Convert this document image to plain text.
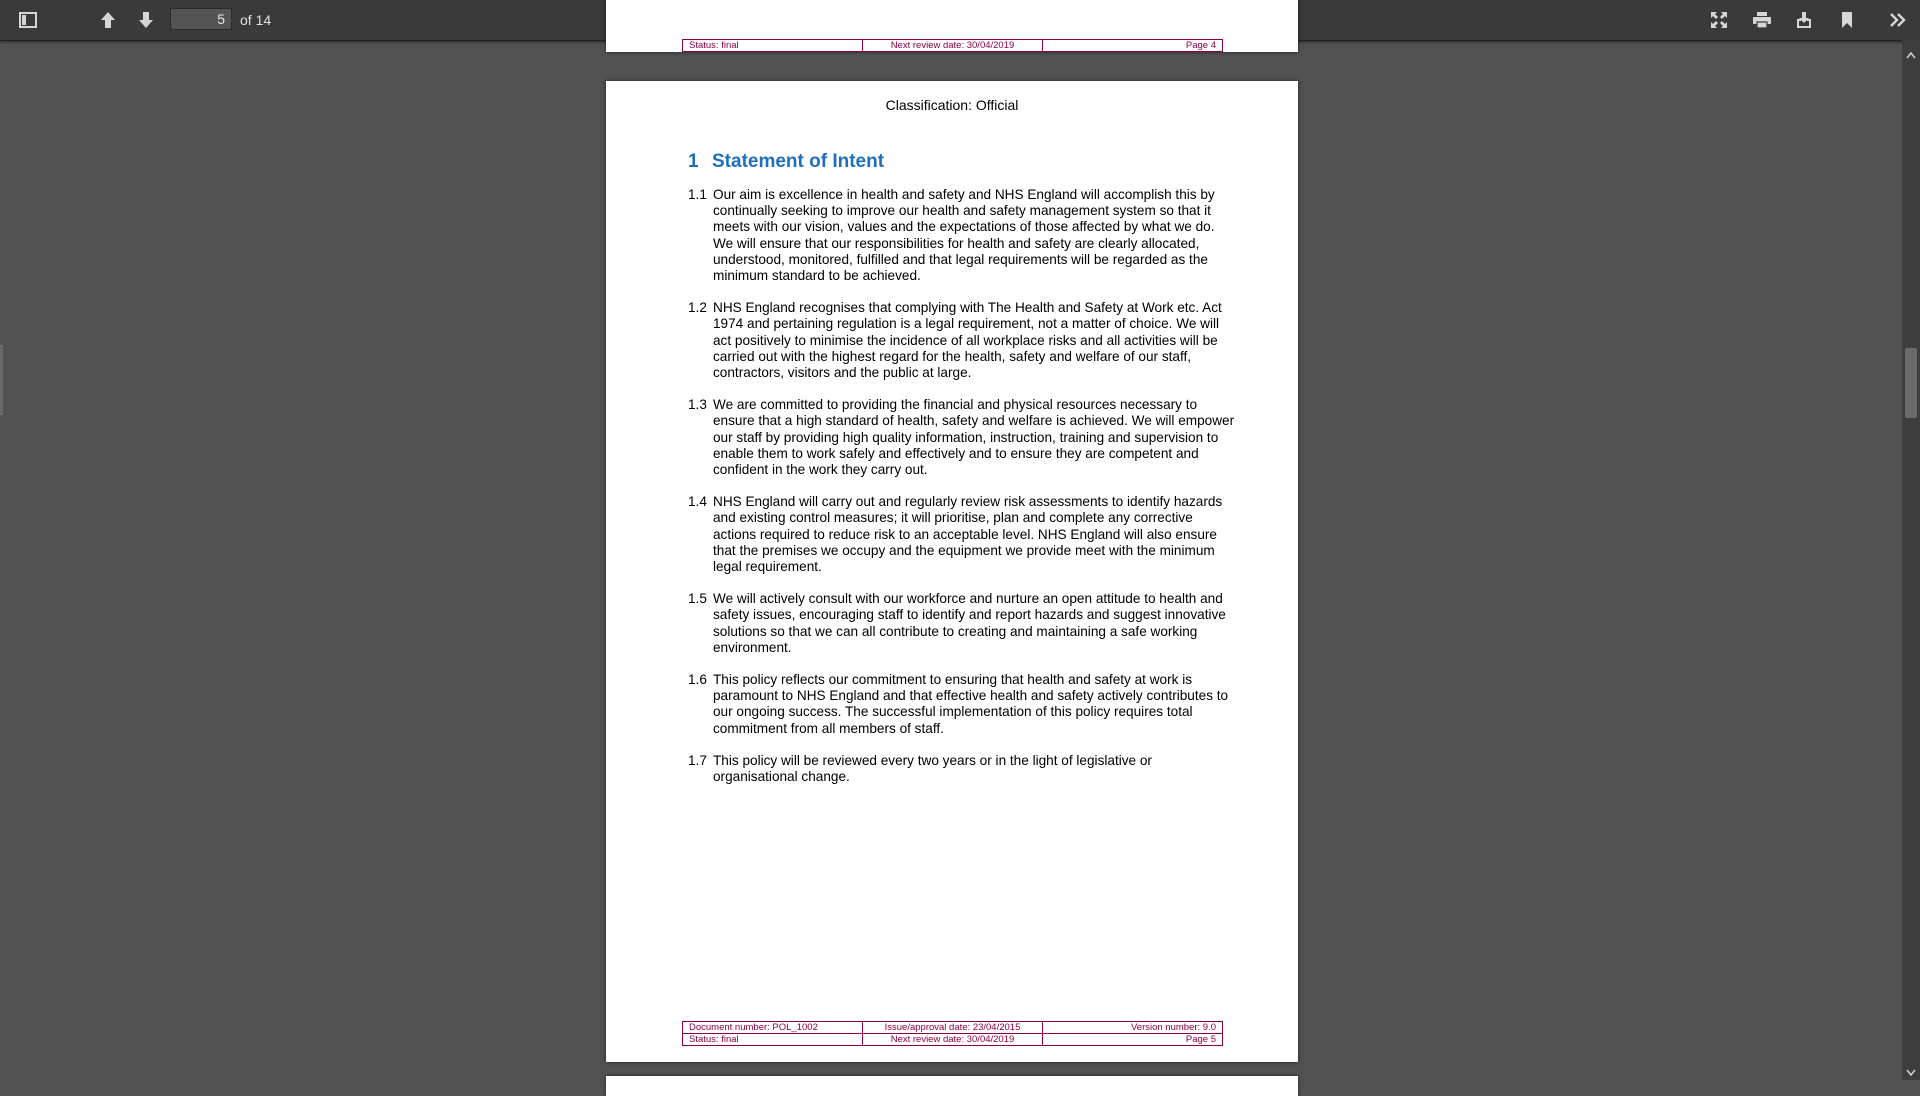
5	of 14
Status: final	Next review date: 30/04/2019	Page 4
Classification: Official
1 Statement of Intent
1.1 Our aim is excellence in health and safety and NHS England will accomplish this by continually seeking to improve our health and safety management system so that it meets with our vision, values and the expectations of those affected by what we do. We will ensure that our responsibilities for health and safety are clearly allocated, understood, monitored, fulfilled and that legal requirements will be regarded as the minimum standard to be achieved.
1.2 NHS England recognises that complying with The Health and Safety at Work etc. Act 1974 and pertaining regulation is a legal requirement, not a matter of choice. We will act positively to minimise the incidence of all workplace risks and all activities will be carried out with the highest regard for the health, safety and welfare of our staff, contractors, visitors and the public at large.
1.3 We are committed to providing the financial and physical resources necessary to ensure that a high standard of health, safety and welfare is achieved. We will empower our staff by providing high quality information, instruction, training and supervision to enable them to work safely and effectively and to ensure they are competent and confident in the work they carry out.
1.4 NHS England will carry out and regularly review risk assessments to identify hazards and existing control measures; it will prioritise, plan and complete any corrective actions required to reduce risk to an acceptable level. NHS England will also ensure that the premises we occupy and the equipment we provide meet with the minimum legal requirement.
1.5 We will actively consult with our workforce and nurture an open attitude to health and safety issues, encouraging staff to identify and report hazards and suggest innovative solutions so that we can all contribute to creating and maintaining a safe working environment.
1.6 This policy reflects our commitment to ensuring that health and safety at work is paramount to NHS England and that effective health and safety actively contributes to our ongoing success. The successful implementation of this policy requires total commitment from all members of staff.
1.7 This policy will be reviewed every two years or in the light of legislative or organisational change.
Document number: POL_1002	Issue/approval date: 23/04/2015	Version number: 9.0
Status: final	Next review date: 30/04/2019	Page 5
